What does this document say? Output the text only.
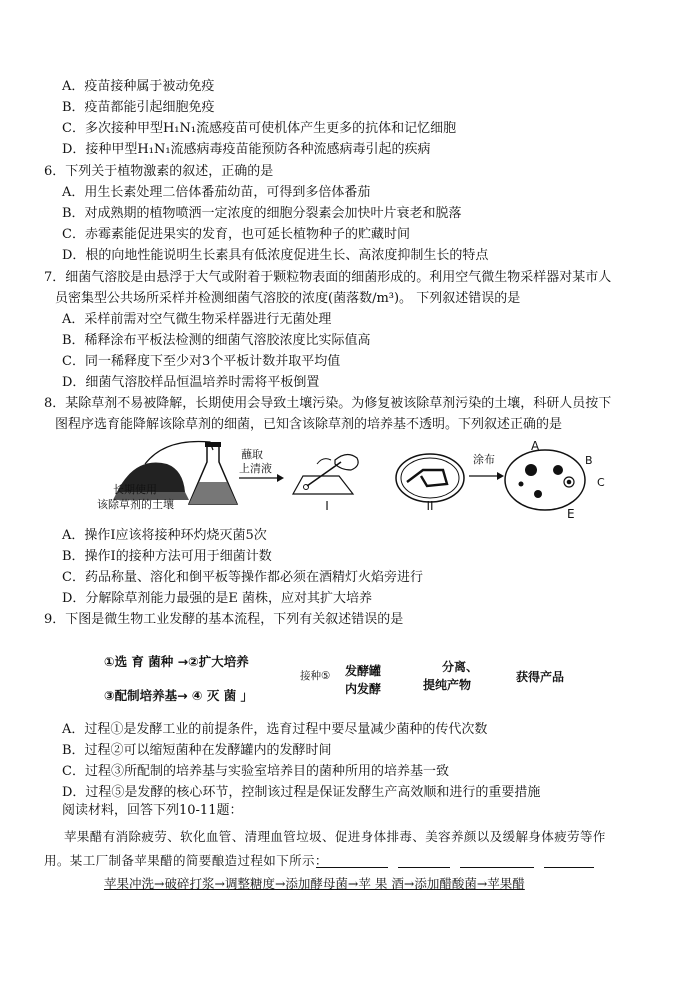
A．疫苗接种属于被动免疫
B．疫苗都能引起细胞免疫
C．多次接种甲型H₁N₁流感疫苗可使机体产生更多的抗体和记忆细胞
D．接种甲型H₁N₁流感病毒疫苗能预防各种流感病毒引起的疾病
6．下列关于植物激素的叙述，正确的是
A．用生长素处理二倍体番茄幼苗，可得到多倍体番茄
B．对成熟期的植物喷洒一定浓度的细胞分裂素会加快叶片衰老和脱落
C．赤霉素能促进果实的发育，也可延长植物种子的贮藏时间
D．根的向地性能说明生长素具有低浓度促进生长、高浓度抑制生长的特点
7．细菌气溶胶是由悬浮于大气或附着于颗粒物表面的细菌形成的。利用空气微生物采样器对某市人
员密集型公共场所采样并检测细菌气溶胶的浓度(菌落数/m³)。 下列叙述错误的是
A．采样前需对空气微生物采样器进行无菌处理
B．稀释涂布平板法检测的细菌气溶胶浓度比实际值高
C．同一稀释度下至少对3个平板计数并取平均值
D．细菌气溶胶样品恒温培养时需将平板倒置
8．某除草剂不易被降解，长期使用会导致土壤污染。为修复被该除草剂污染的土壤，科研人员按下
图程序选育能降解该除草剂的细菌，已知含该除草剂的培养基不透明。下列叙述正确的是
长期使用
该除草剂的土壤
蘸取
上清液
I	II
涂布
A
B
C
E
A．操作I应该将接种环灼烧灭菌5次
B．操作I的接种方法可用于细菌计数
C．药品称量、溶化和倒平板等操作都必须在酒精灯火焰旁进行
D．分解除草剂能力最强的是E 菌株，应对其扩大培养
9．下图是微生物工业发酵的基本流程，下列有关叙述错误的是
①选 育 菌种 →②扩大培养
③配制培养基→ ④ 灭 菌 」
接种⑤ 发酵罐
内发酵
分离、
提纯产物
获得产品
A．过程①是发酵工业的前提条件，选育过程中要尽量减少菌种的传代次数
B．过程②可以缩短菌种在发酵罐内的发酵时间
C．过程③所配制的培养基与实验室培养目的菌种所用的培养基一致
D．过程⑤是发酵的核心环节，控制该过程是保证发酵生产高效顺和进行的重要措施
阅读材料，回答下列10-11题：
苹果醋有消除疲劳、软化血管、清理血管垃圾、促进身体排毒、美容养颜以及缓解身体疲劳等作
用。某工厂制备苹果醋的简要酿造过程如下所示：
苹果冲洗→破碎打浆→调整糖度→添加酵母菌→苹 果 酒→添加醋酸菌→苹果醋
